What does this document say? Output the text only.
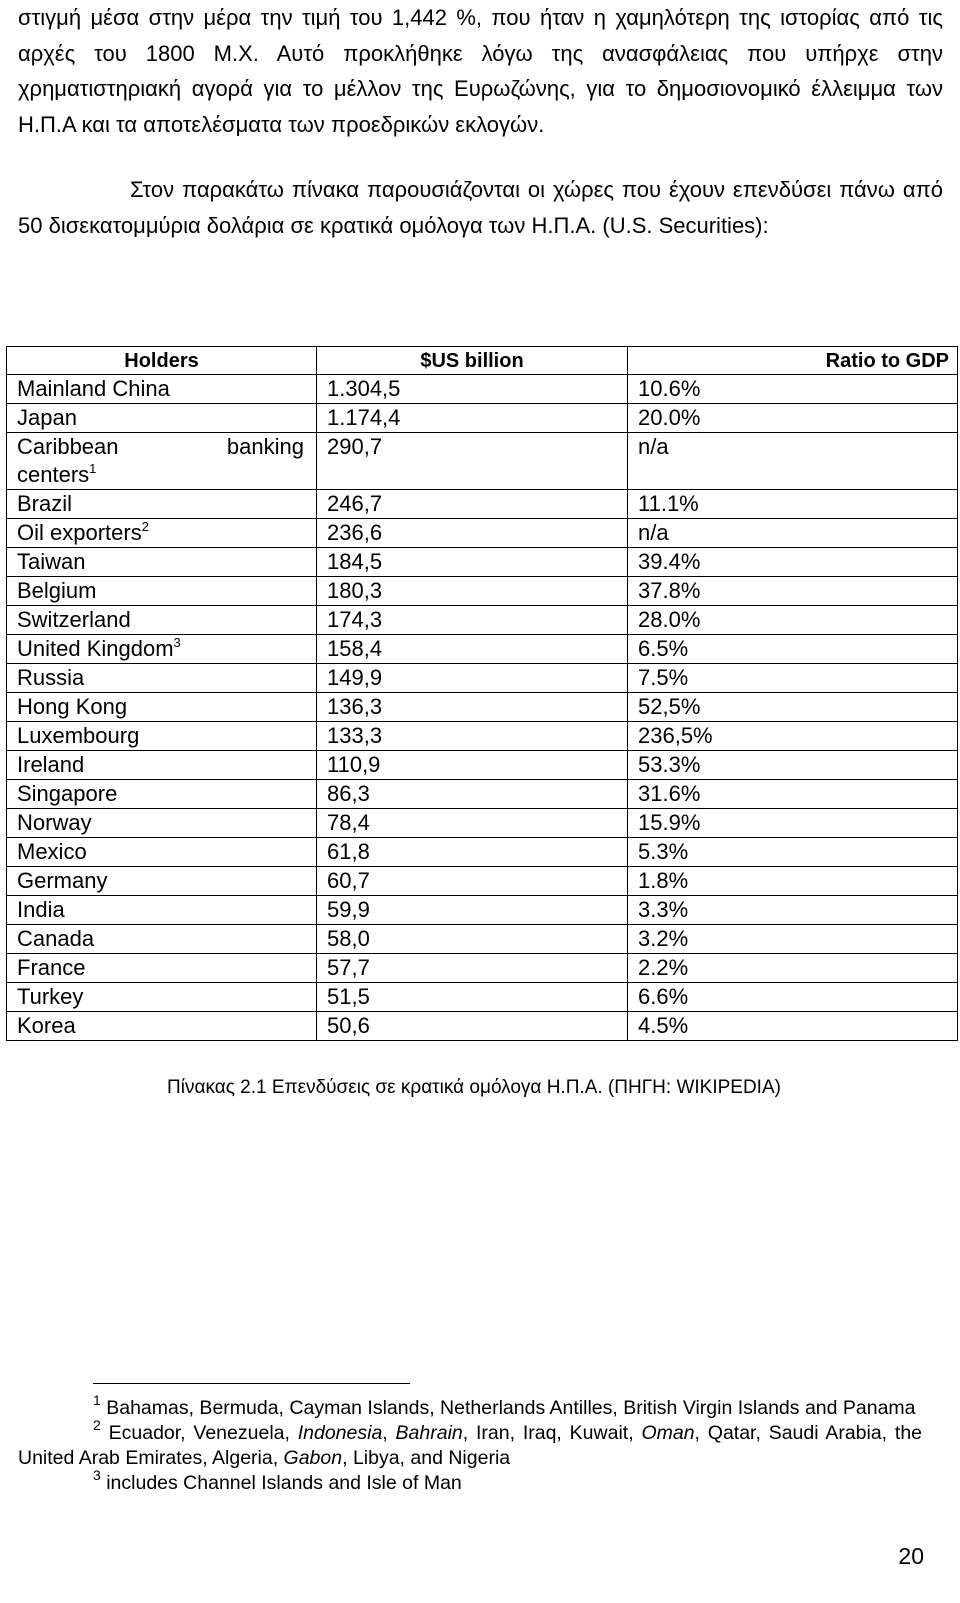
στιγμή μέσα στην μέρα την τιμή του 1,442 %, που ήταν η χαμηλότερη της ιστορίας από τις αρχές του 1800 Μ.Χ. Αυτό προκλήθηκε λόγω της ανασφάλειας που υπήρχε στην χρηματιστηριακή αγορά για το μέλλον της Ευρωζώνης, για το δημοσιονομικό έλλειμμα των Η.Π.Α και τα αποτελέσματα των προεδρικών εκλογών.

Στον παρακάτω πίνακα παρουσιάζονται οι χώρες που έχουν επενδύσει πάνω από 50 δισεκατομμύρια δολάρια σε κρατικά ομόλογα των Η.Π.Α. (U.S. Securities):

Holders	$US billion	Ratio to GDP
Mainland China	1.304,5	10.6%
Japan	1.174,4	20.0%

Caribbean banking
centers$^1$	290,7	n/a
Brazil	246,7	11.1%
Oil exporters$^2$	236,6	n/a
Taiwan	184,5	39.4%
Belgium	180,3	37.8%
Switzerland	174,3	28.0%
United Kingdom$^3$	158,4	6.5%
Russia	149,9	7.5%
Hong Kong	136,3	52,5%
Luxembourg	133,3	236,5%
Ireland	110,9	53.3%
Singapore	86,3	31.6%
Norway	78,4	15.9%
Mexico	61,8	5.3%
Germany	60,7	1.8%
India	59,9	3.3%
Canada	58,0	3.2%
France	57,7	2.2%
Turkey	51,5	6.6%
Korea	50,6	4.5%
Πίνακας 2.1 Επενδύσεις σε κρατικά ομόλογα Η.Π.Α. (ΠΗΓΗ: WIKIPEDIA)

$^1$ Bahamas, Bermuda, Cayman Islands, Netherlands Antilles, British Virgin Islands and Panama

$^2$ Ecuador, Venezuela, Indonesia, Bahrain, Iran, Iraq, Kuwait, Oman, Qatar, Saudi Arabia, the United Arab Emirates, Algeria, Gabon, Libya, and Nigeria

$^3$ includes Channel Islands and Isle of Man

20
